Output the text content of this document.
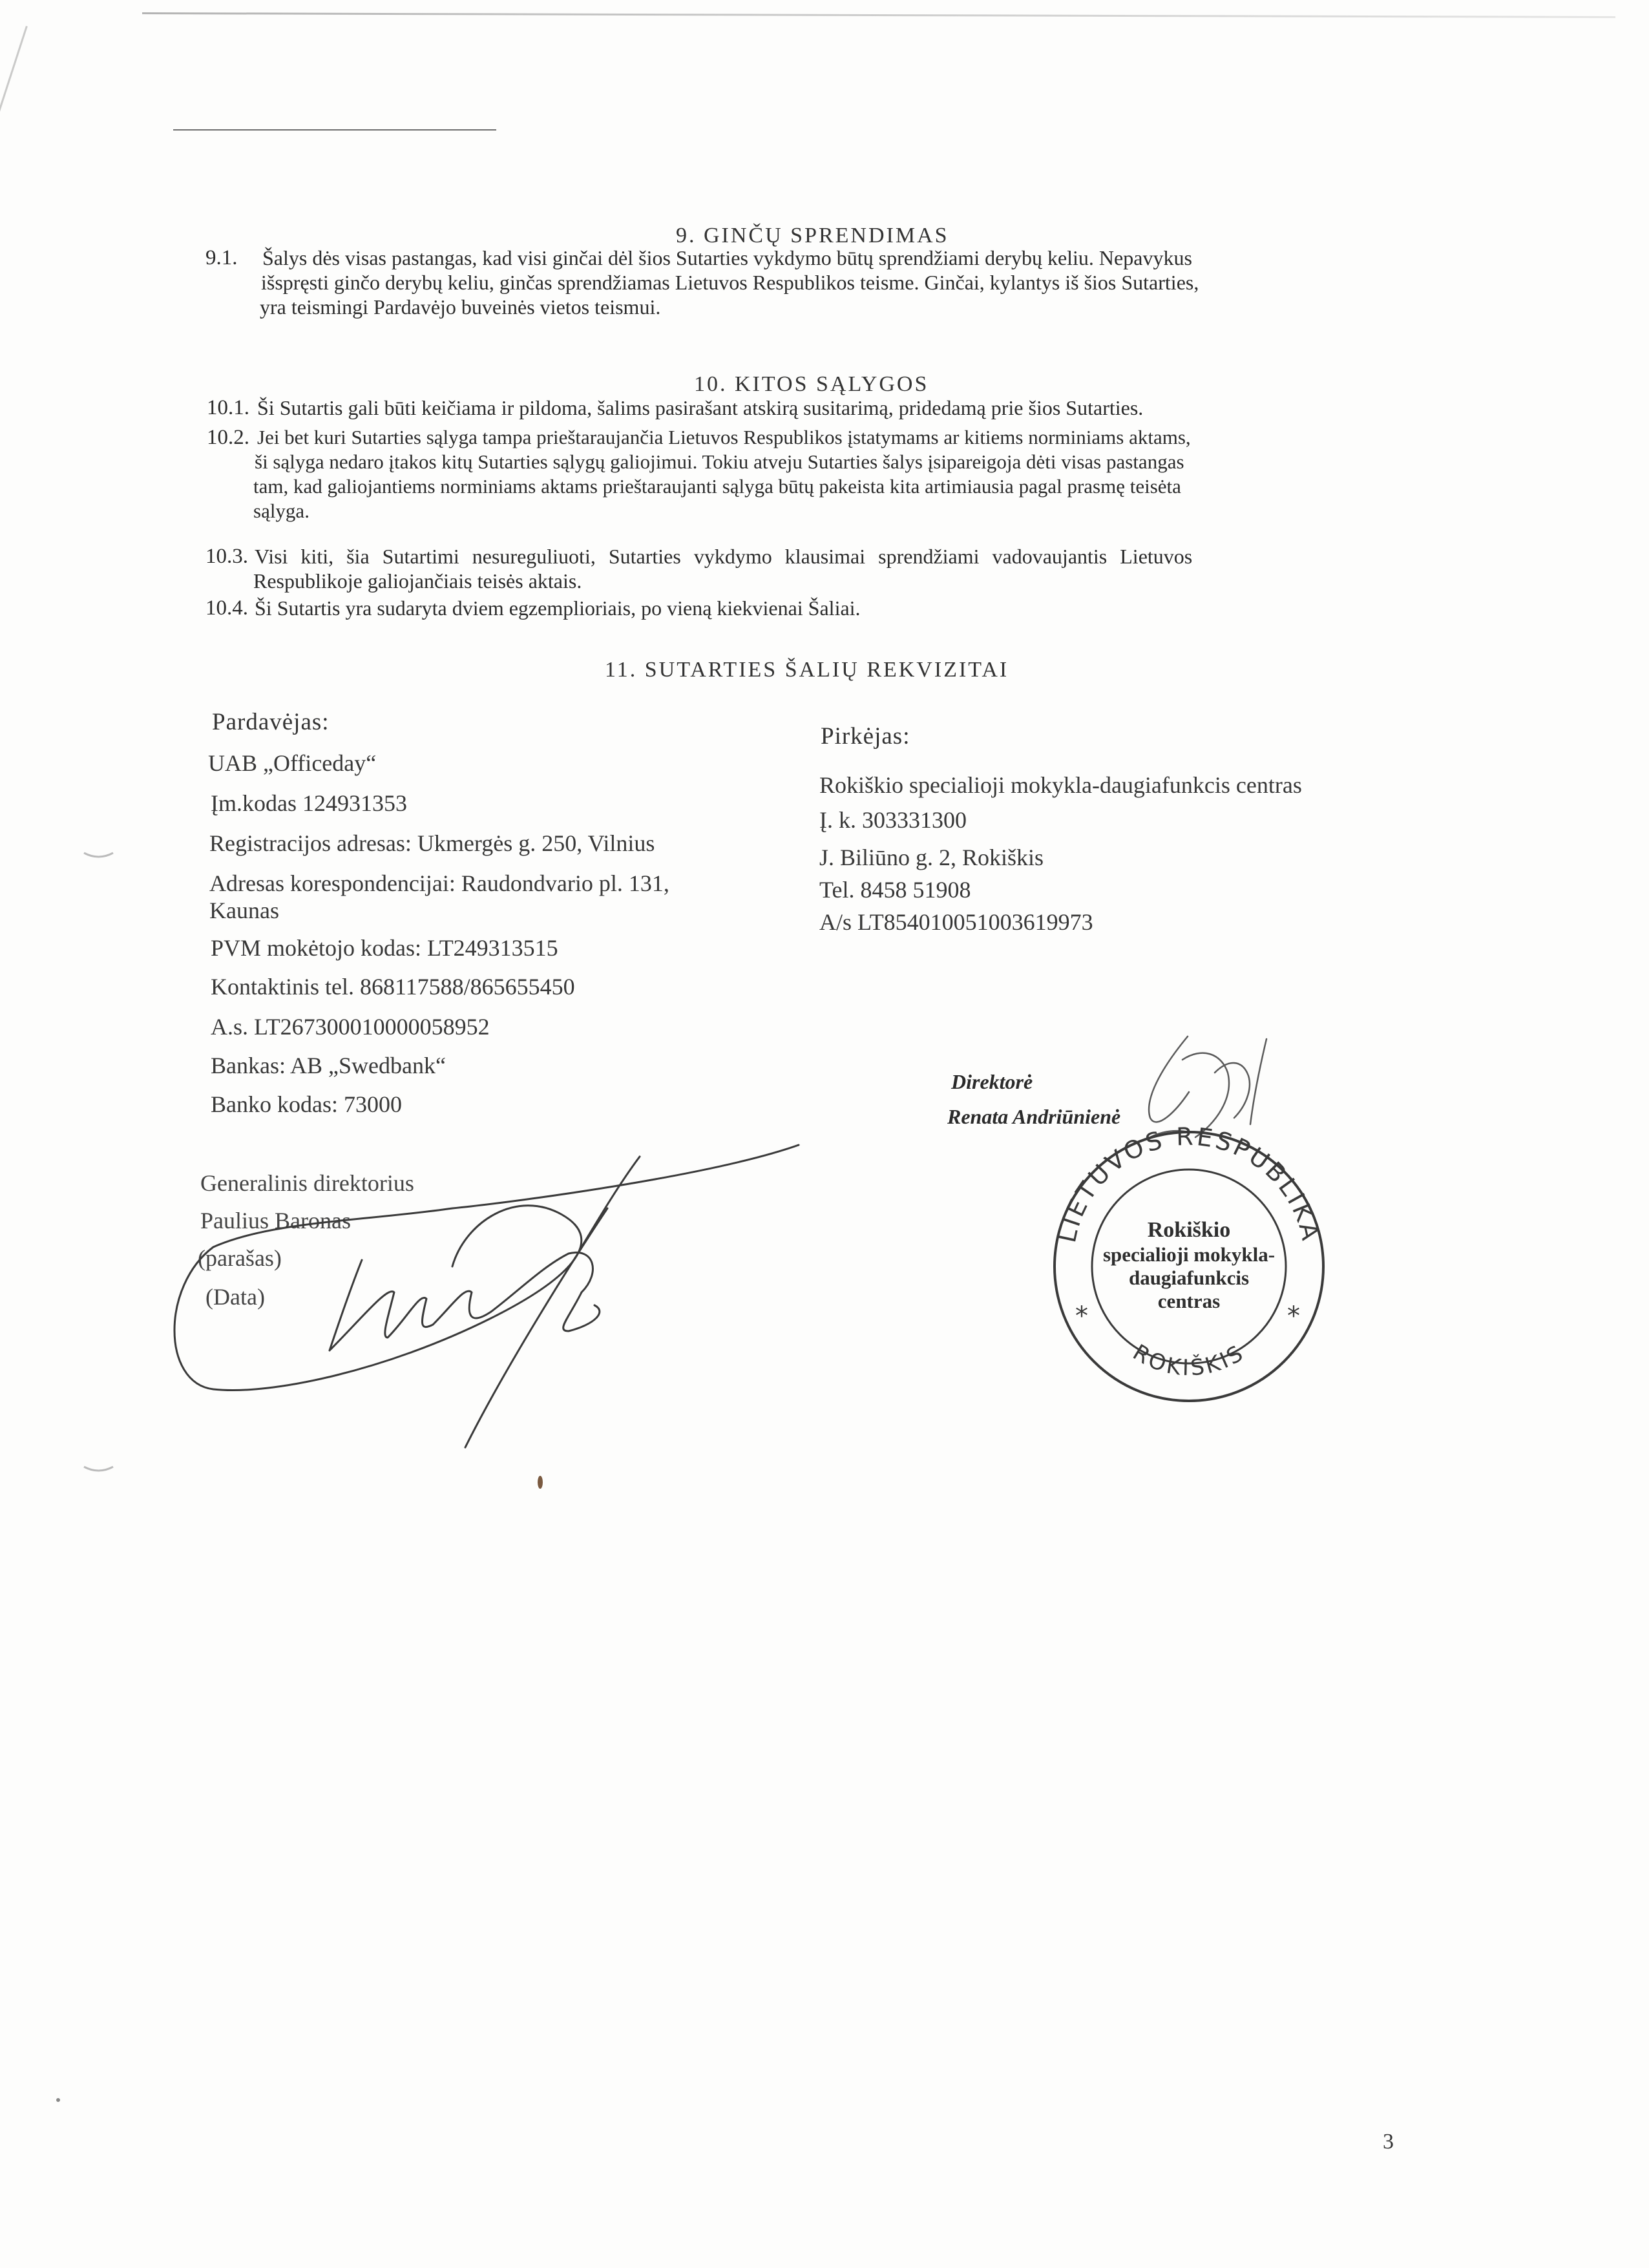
9. GINČŲ SPRENDIMAS
9.1. Šalys dės visas pastangas, kad visi ginčai dėl šios Sutarties vykdymo būtų sprendžiami derybų keliu. Nepavykus
išspręsti ginčo derybų keliu, ginčas sprendžiamas Lietuvos Respublikos teisme. Ginčai, kylantys iš šios Sutarties,
yra teismingi Pardavėjo buveinės vietos teismui.
10. KITOS SĄLYGOS
10.1. Ši Sutartis gali būti keičiama ir pildoma, šalims pasirašant atskirą susitarimą, pridedamą prie šios Sutarties.
10.2. Jei bet kuri Sutarties sąlyga tampa prieštaraujančia Lietuvos Respublikos įstatymams ar kitiems norminiams aktams,
ši sąlyga nedaro įtakos kitų Sutarties sąlygų galiojimui. Tokiu atveju Sutarties šalys įsipareigoja dėti visas pastangas
tam, kad galiojantiems norminiams aktams prieštaraujanti sąlyga būtų pakeista kita artimiausia pagal prasmę teisėta
sąlyga.
10.3. Visi kiti, šia Sutartimi nesureguliuoti, Sutarties vykdymo klausimai sprendžiami vadovaujantis Lietuvos
Respublikoje galiojančiais teisės aktais.
10.4. Ši Sutartis yra sudaryta dviem egzemplioriais, po vieną kiekvienai Šaliai.
11. SUTARTIES ŠALIŲ REKVIZITAI
Pardavėjas:
UAB „Officeday“
Įm.kodas 124931353
Registracijos adresas: Ukmergės g. 250, Vilnius
Adresas korespondencijai: Raudondvario pl. 131,
Kaunas
PVM mokėtojo kodas: LT249313515
Kontaktinis tel. 868117588/865655450
A.s. LT267300010000058952
Bankas: AB „Swedbank“
Banko kodas: 73000
Generalinis direktorius
Paulius Baronas
(parašas)
(Data)
Pirkėjas:
Rokiškio specialioji mokykla-daugiafunkcis centras
Į. k. 303331300
J. Biliūno g. 2, Rokiškis
Tel. 8458 51908
A/s LT854010051003619973
Direktorė
Renata Andriūnienė
LIETUVOS RESPUBLIKA
ROKIŠKIS
*	*
Rokiškio
specialioji mokykla-
daugiafunkcis
centras
3
